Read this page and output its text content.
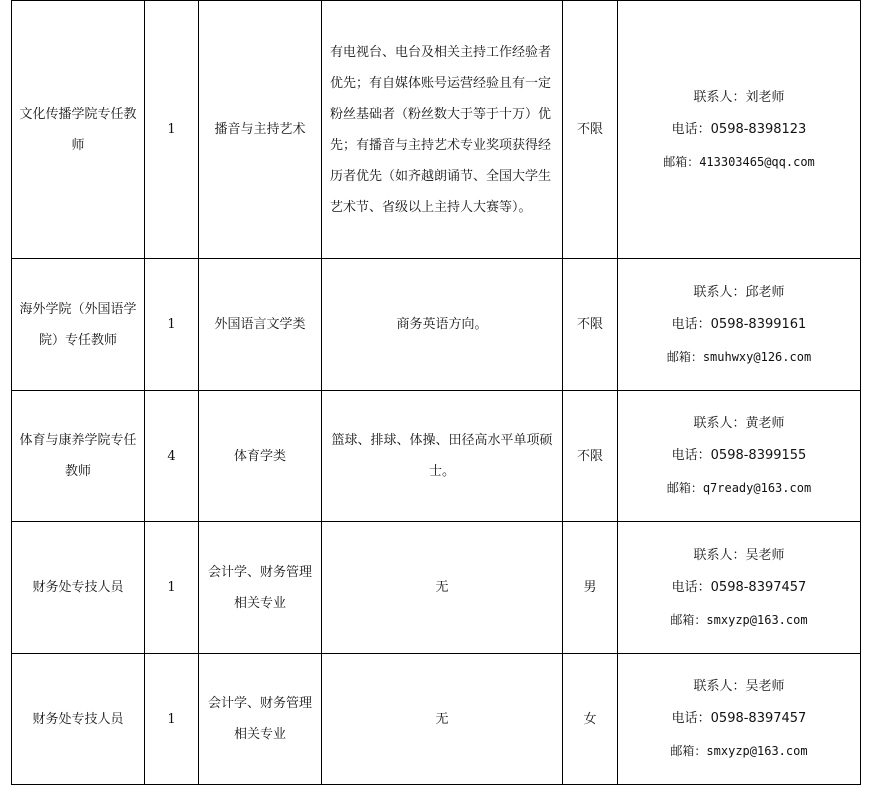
文化传播学院专任教师	1	播音与主持艺术	有电视台、电台及相关主持工作经验者优先；有自媒体账号运营经验且有一定粉丝基础者（粉丝数大于等于十万）优先；有播音与主持艺术专业奖项获得经历者优先（如齐越朗诵节、全国大学生艺术节、省级以上主持人大赛等）。	不限	联系人：刘老师
电话：0598-8398123
邮箱：413303465@qq.com

海外学院（外国语学院）专任教师	1	外国语言文学类	商务英语方向。	不限	联系人：邱老师
电话：0598-8399161
邮箱：smuhwxy@126.com

体育与康养学院专任教师	4	体育学类	篮球、排球、体操、田径高水平单项硕士。	不限	联系人：黄老师
电话：0598-8399155
邮箱：q7ready@163.com

财务处专技人员	1	会计学、财务管理相关专业	无	男	联系人：吴老师
电话：0598-8397457
邮箱：smxyzp@163.com

财务处专技人员	1	会计学、财务管理相关专业	无	女	联系人：吴老师
电话：0598-8397457
邮箱：smxyzp@163.com
